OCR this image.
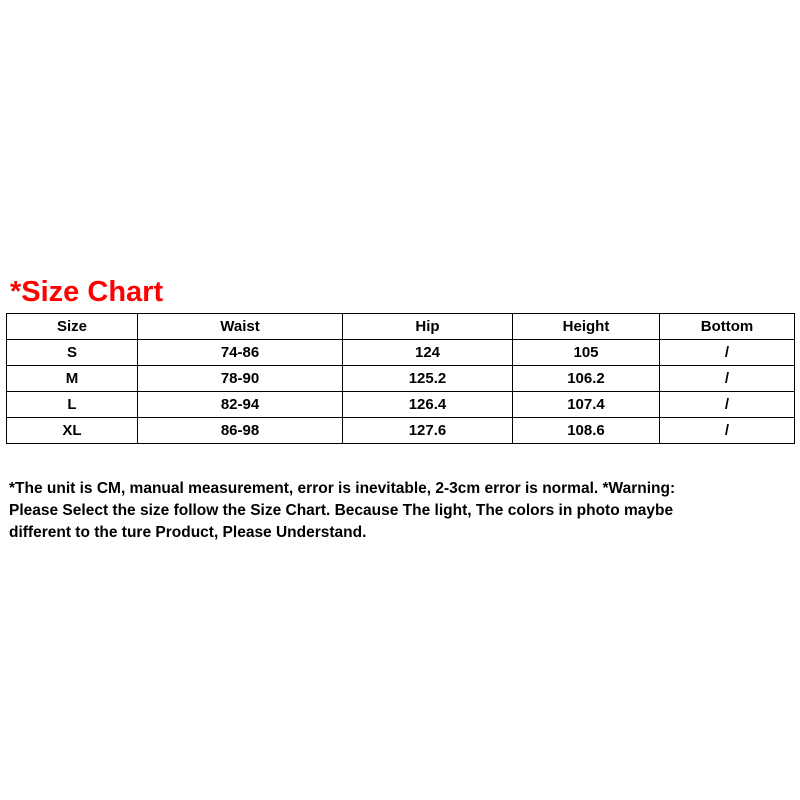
*Size Chart
Size	Waist	Hip	Height	Bottom
S	74-86	124	105	/
M	78-90	125.2	106.2	/
L	82-94	126.4	107.4	/
XL	86-98	127.6	108.6	/
*The unit is CM, manual measurement, error is inevitable, 2-3cm error is normal. *Warning:
Please Select the size follow the Size Chart. Because The light, The colors in photo maybe
different to the ture Product, Please Understand.
